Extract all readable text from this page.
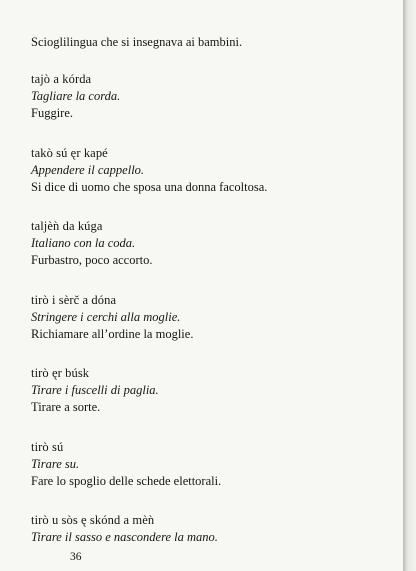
Scioglilingua che si insegnava ai bambini.
tajò a kórda
Tagliare la corda.
Fuggire.
takò sú ęr kapé
Appendere il cappello.
Si dice di uomo che sposa una donna facoltosa.
taljèǹ da kúga
Italiano con la coda.
Furbastro, poco accorto.
tirò i sèrč a dóna
Stringere i cerchi alla moglie.
Richiamare all’ordine la moglie.
tirò ęr búsk
Tirare i fuscelli di paglia.
Tirare a sorte.
tirò sú
Tirare su.
Fare lo spoglio delle schede elettorali.
tirò u sòs ę skónd a mèǹ
Tirare il sasso e nascondere la mano.
36
